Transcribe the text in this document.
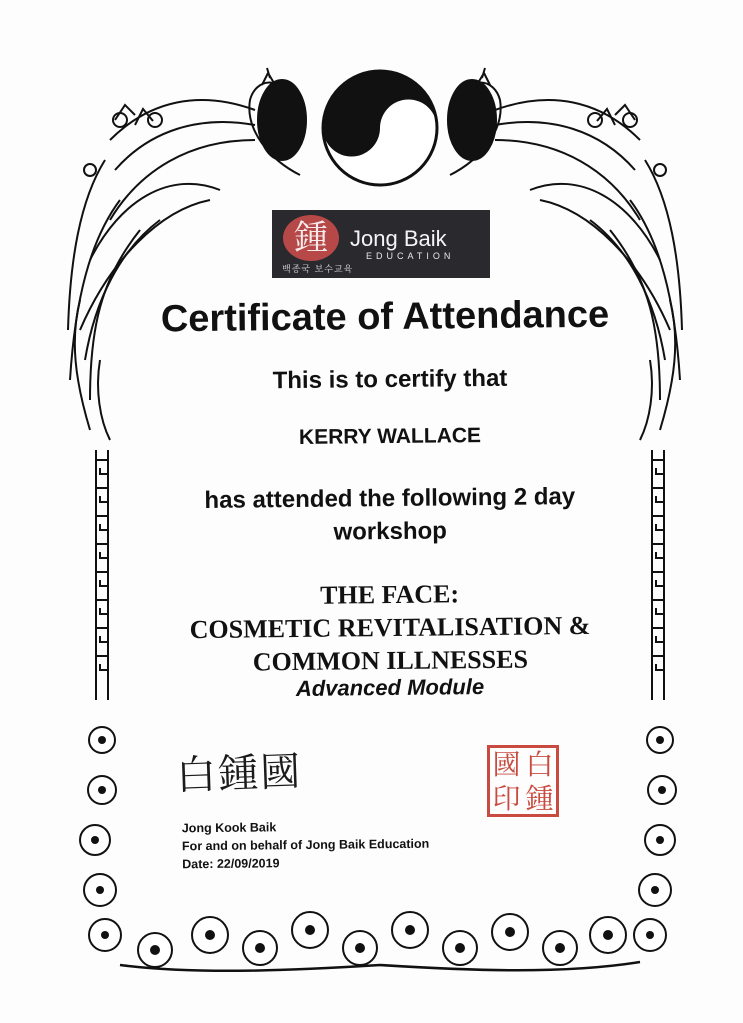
鍾	Jong Baik
EDUCATION
백종국 보수교육
Certificate of Attendance
This is to certify that
KERRY WALLACE
has attended the following 2 day
workshop
THE FACE:
COSMETIC REVITALISATION &
COMMON ILLNESSES
Advanced Module
白鍾國	國 白
印 鍾
Jong Kook Baik
For and on behalf of Jong Baik Education
Date: 22/09/2019
